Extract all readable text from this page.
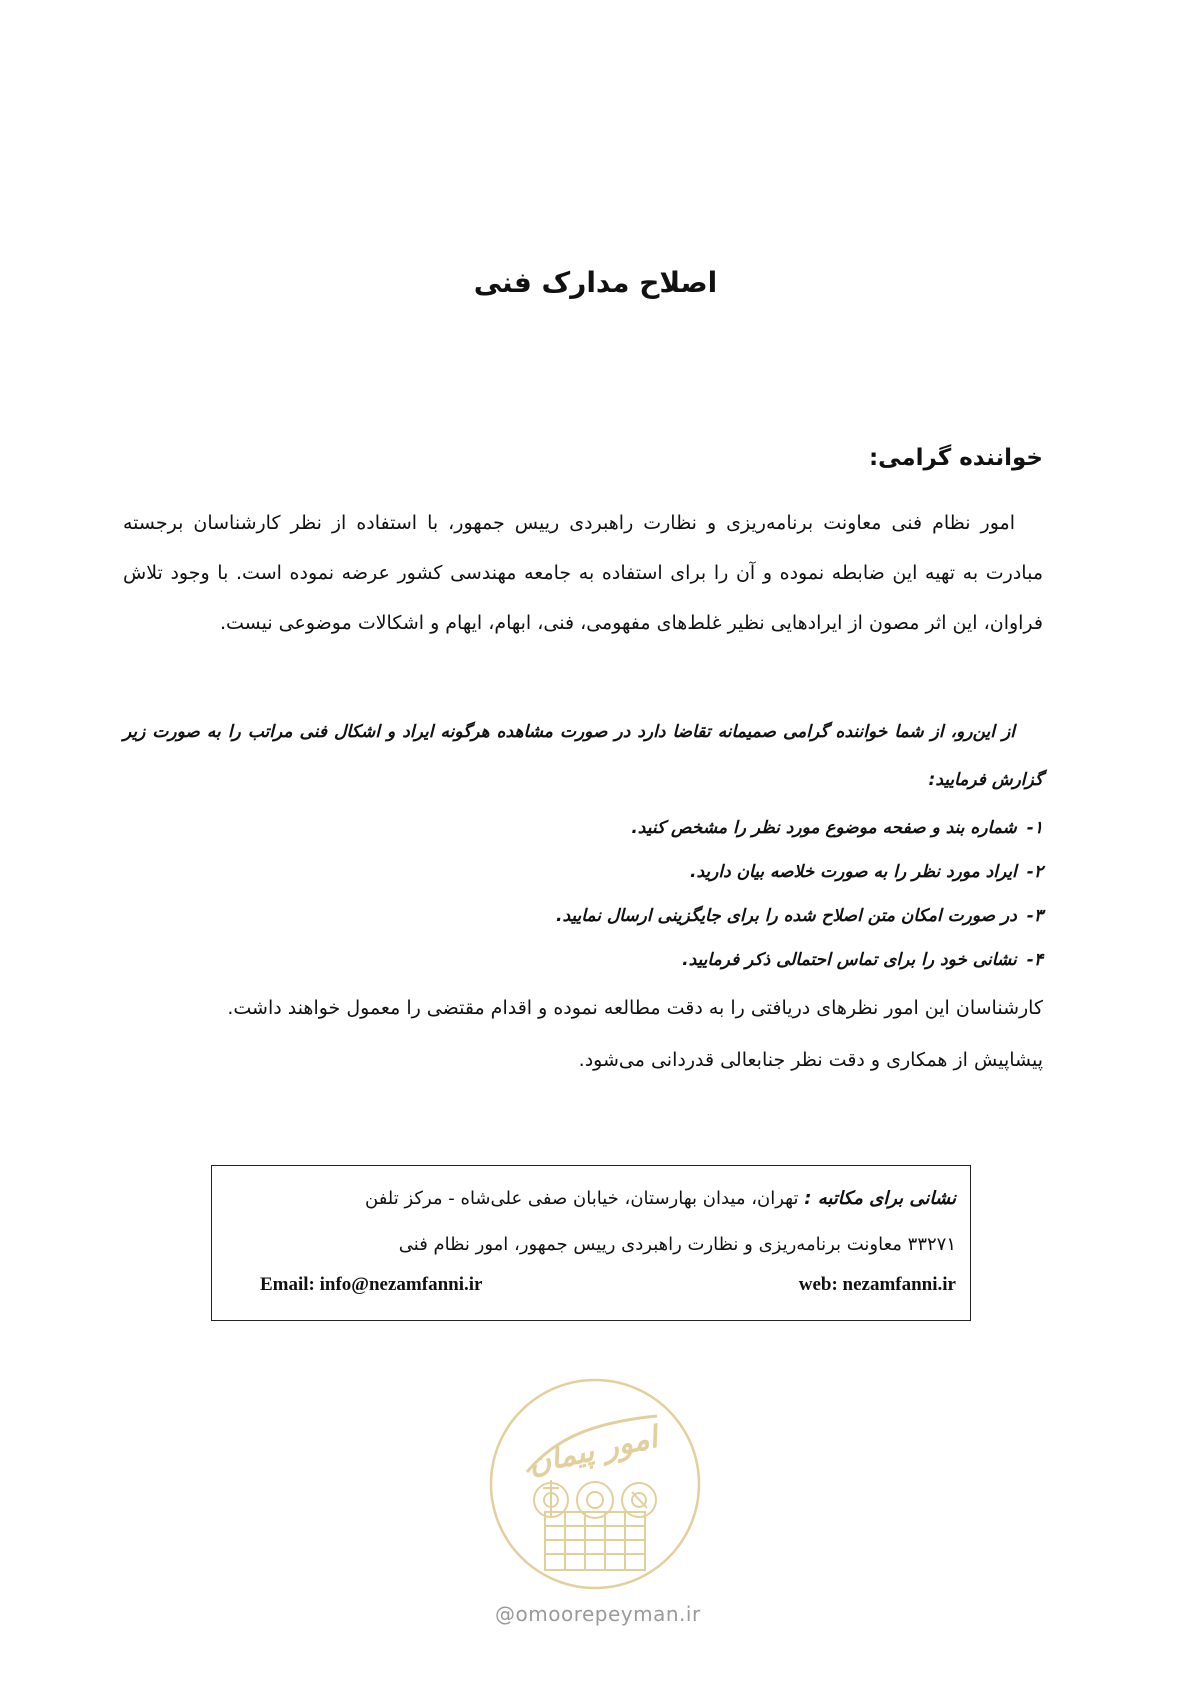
اصلاح مدارک فنی

خواننده گرامی:

امور نظام فنی معاونت برنامه‌ریزی و نظارت راهبردی رییس جمهور، با استفاده از نظر کارشناسان برجسته مبادرت به تهیه این ضابطه نموده و آن را برای استفاده به جامعه مهندسی کشور عرضه نموده است. با وجود تلاش فراوان، این اثر مصون از ایرادهایی نظیر غلط‌های مفهومی، فنی، ابهام، ایهام و اشکالات موضوعی نیست.

از این‌رو، از شما خواننده گرامی صمیمانه تقاضا دارد در صورت مشاهده هرگونه ایراد و اشکال فنی مراتب را به صورت زیر گزارش فرمایید:

۱-شماره بند و صفحه موضوع مورد نظر را مشخص کنید.
۲-ایراد مورد نظر را به صورت خلاصه بیان دارید.
۳-در صورت امکان متن اصلاح شده را برای جایگزینی ارسال نمایید.
۴-نشانی خود را برای تماس احتمالی ذکر فرمایید.
کارشناسان این امور نظرهای دریافتی را به دقت مطالعه نموده و اقدام مقتضی را معمول خواهند داشت.
پیشاپیش از همکاری و دقت نظر جنابعالی قدردانی می‌شود.
نشانی برای مکاتبه : تهران، میدان بهارستان، خیابان صفی علی‌شاه - مرکز تلفن
۳۳۲۷۱ معاونت برنامه‌ریزی و نظارت راهبردی رییس جمهور، امور نظام فنی
web: nezamfanni.ir
Email: info@nezamfanni.ir
امور پیمان
@omoorepeyman.ir
